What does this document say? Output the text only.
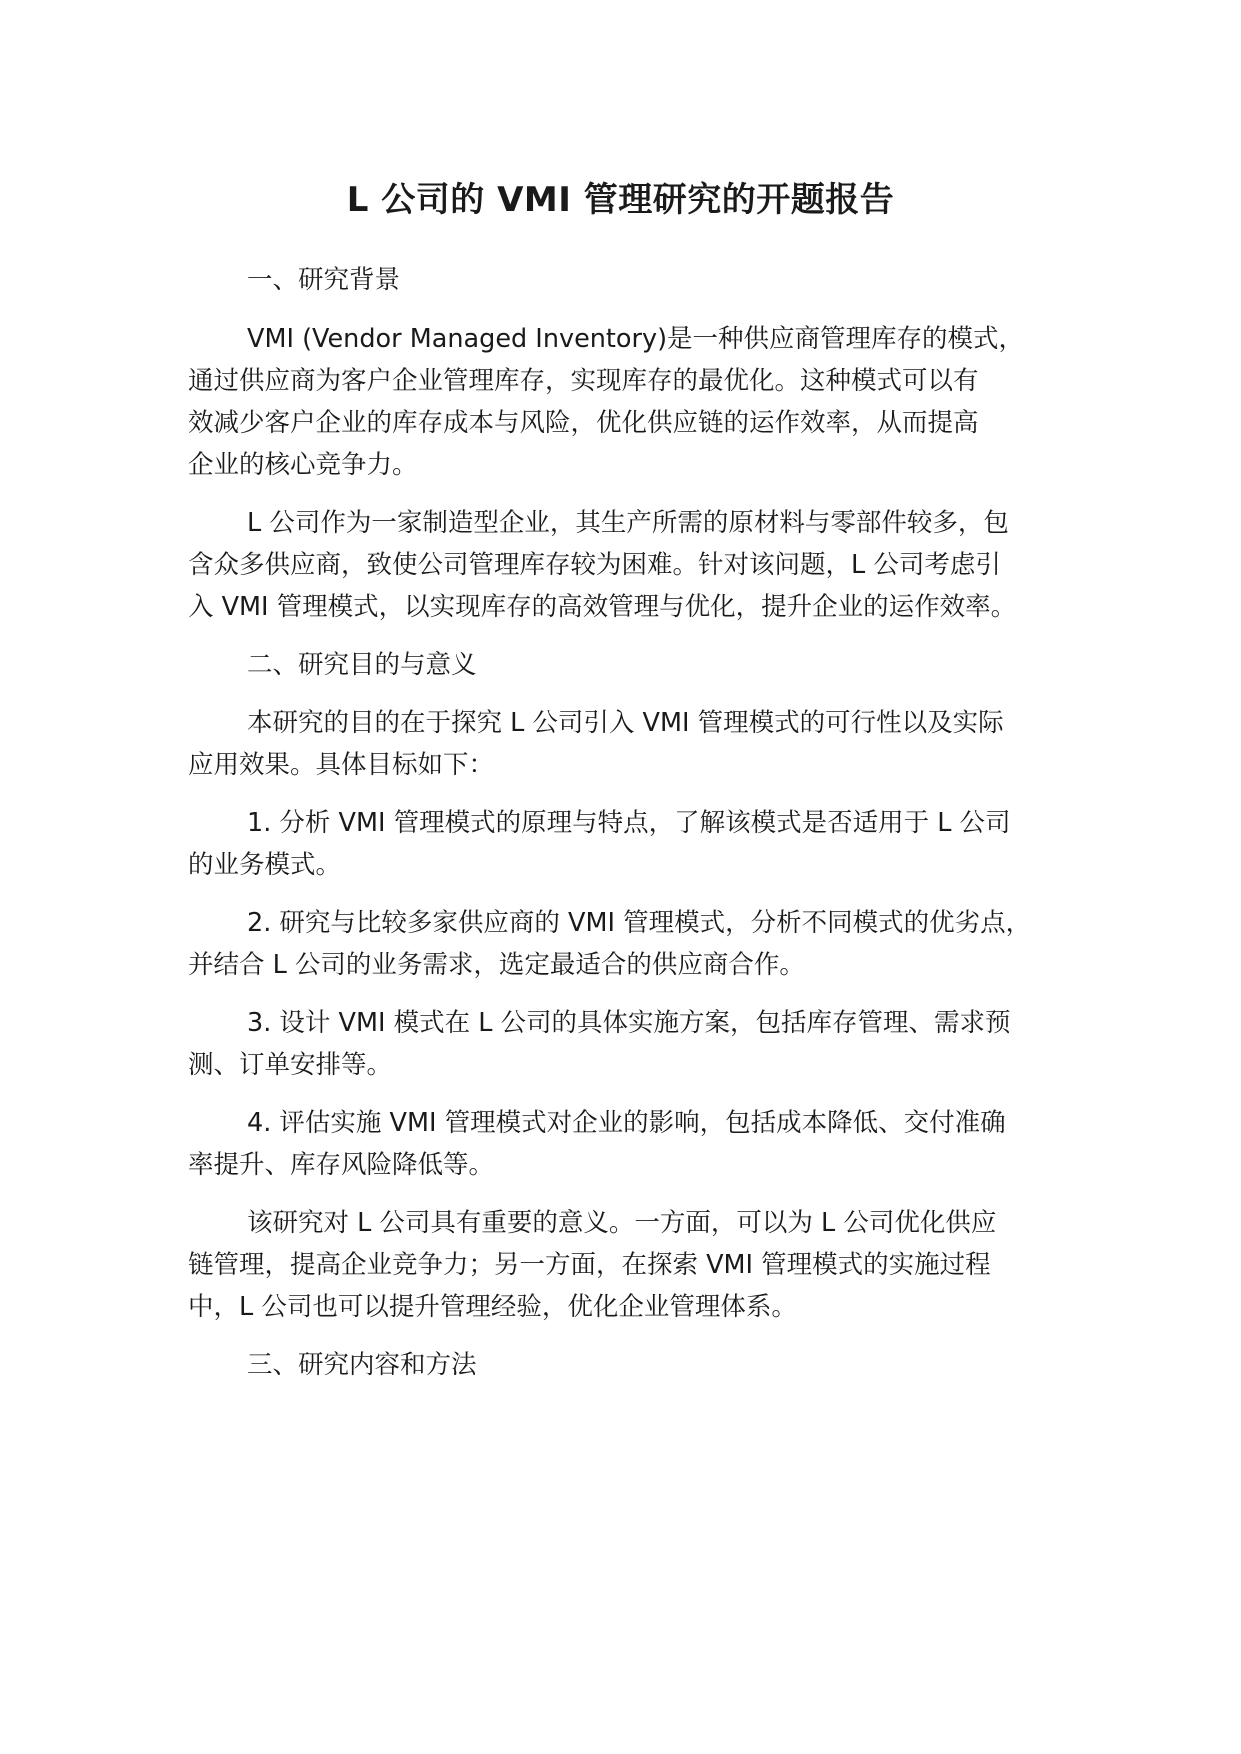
L 公司的 VMI 管理研究的开题报告

一、研究背景

VMI (Vendor Managed Inventory)是一种供应商管理库存的模式，

通过供应商为客户企业管理库存，实现库存的最优化。这种模式可以有

效减少客户企业的库存成本与风险，优化供应链的运作效率，从而提高

企业的核心竞争力。

L 公司作为一家制造型企业，其生产所需的原材料与零部件较多，包

含众多供应商，致使公司管理库存较为困难。针对该问题，L 公司考虑引

入 VMI 管理模式，以实现库存的高效管理与优化，提升企业的运作效率。

二、研究目的与意义

本研究的目的在于探究 L 公司引入 VMI 管理模式的可行性以及实际

应用效果。具体目标如下：

1. 分析 VMI 管理模式的原理与特点，了解该模式是否适用于 L 公司

的业务模式。

2. 研究与比较多家供应商的 VMI 管理模式，分析不同模式的优劣点，

并结合 L 公司的业务需求，选定最适合的供应商合作。

3. 设计 VMI 模式在 L 公司的具体实施方案，包括库存管理、需求预

测、订单安排等。

4. 评估实施 VMI 管理模式对企业的影响，包括成本降低、交付准确

率提升、库存风险降低等。

该研究对 L 公司具有重要的意义。一方面，可以为 L 公司优化供应

链管理，提高企业竞争力；另一方面，在探索 VMI 管理模式的实施过程

中，L 公司也可以提升管理经验，优化企业管理体系。

三、研究内容和方法
